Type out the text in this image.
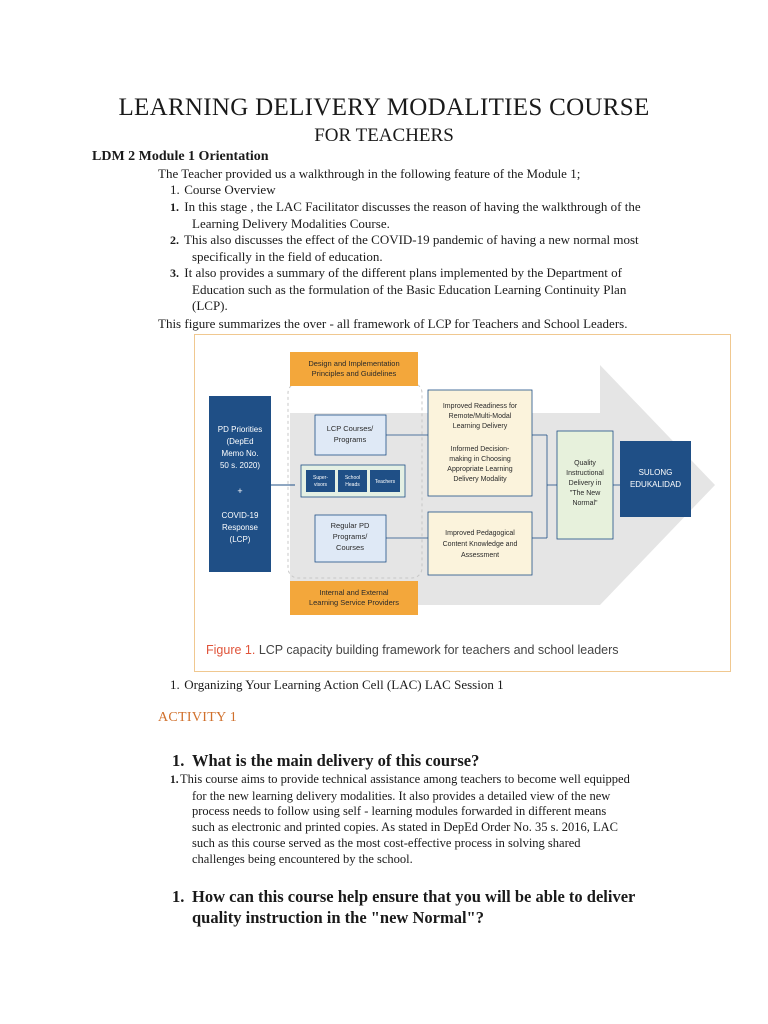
LEARNING DELIVERY MODALITIES COURSE
FOR TEACHERS
LDM 2 Module 1 Orientation
The Teacher provided us a walkthrough in the following feature of the Module 1;
1. Course Overview
1. In this stage , the LAC Facilitator discusses the reason of having the walkthrough of the
Learning Delivery Modalities Course.
2. This also discusses the effect of the COVID-19 pandemic of having a new normal most
specifically in the field of education.
3. It also provides a summary of the different plans implemented by the Department of
Education such as the formulation of the Basic Education Learning Continuity Plan
(LCP).
This figure summarizes the over - all framework of LCP for Teachers and School Leaders.
Design and Implementation
Principles and Guidelines
Internal and External
Learning Service Providers
PD Priorities
(DepEd
Memo No.
50 s. 2020)
+
COVID-19
Response
(LCP)
LCP Courses/
Programs
Super-
visors
School
Heads	Teachers
Regular PD
Programs/
Courses
Improved Readiness for
Remote/Multi-Modal
Learning Delivery
Informed Decision-
making in Choosing
Appropriate Learning
Delivery Modality
Improved Pedagogical
Content Knowledge and
Assessment
Quality
Instructional
Delivery in
"The New
Normal"
SULONG
EDUKALIDAD
Figure 1. LCP capacity building framework for teachers and school leaders
1. Organizing Your Learning Action Cell (LAC) LAC Session 1
ACTIVITY 1
1. What is the main delivery of this course?
1.This course aims to provide technical assistance among teachers to become well equipped
for the new learning delivery modalities. It also provides a detailed view of the new
process needs to follow using self - learning modules forwarded in different means
such as electronic and printed copies. As stated in DepEd Order No. 35 s. 2016, LAC
such as this course served as the most cost-effective process in solving shared
challenges being encountered by the school.
1. How can this course help ensure that you will be able to deliver
quality instruction in the "new Normal"?
